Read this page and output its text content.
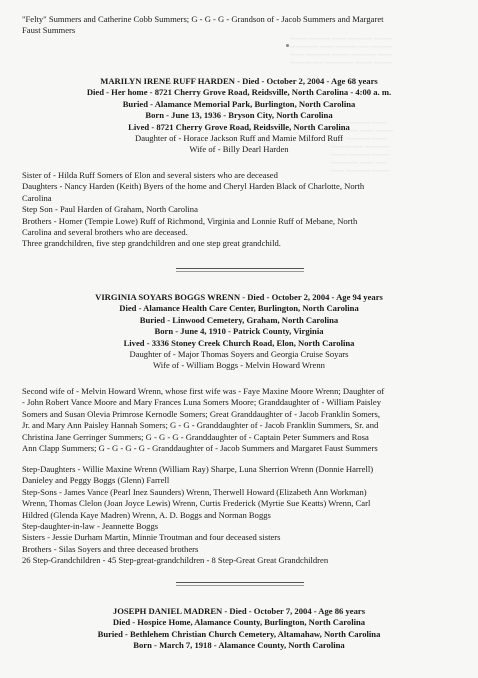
~~~~~ ~~~~~~ ~~~~ ~~~~~~~ ~~~~~
~~~~~~~~ ~~~~ ~~~~~~ ~~~ ~~~~~~
~~~~ ~~~~~~~ ~~~~~ ~~~~~~~ ~~~~
~~~~~~ ~~~ ~~~~~~~~ ~~~~~ ~~~~~
~~~~~ ~~~~~~ ~~~~
~~~~~~~~ ~~~~ ~~~~~
~~~~ ~~~~~~~ ~~~~
~~~~~~ ~~~ ~~~~~~~
~~~~~ ~~~~~~ ~~~~~
~~~~~~~~ ~~~~ ~~~
~~~~ ~~~~~~~ ~~~~~

"Felty" Summers and Catherine Cobb Summers; G - G - G - Grandson of - Jacob Summers and Margaret
Faust Summers

MARILYN IRENE RUFF HARDEN - Died - October 2, 2004 - Age 68 years
Died - Her home - 8721 Cherry Grove Road, Reidsville, North Carolina - 4:00 a. m.
Buried - Alamance Memorial Park, Burlington, North Carolina
Born - June 13, 1936 - Bryson City, North Carolina
Lived - 8721 Cherry Grove Road, Reidsville, North Carolina
Daughter of - Horace Jackson Ruff and Mamie Milford Ruff
Wife of - Billy Dearl Harden

Sister of - Hilda Ruff Somers of Elon and several sisters who are deceased
Daughters - Nancy Harden (Keith) Byers of the home and Cheryl Harden Black of Charlotte, North
Carolina
Step Son - Paul Harden of Graham, North Carolina
Brothers - Homer (Tempie Lowe) Ruff of Richmond, Virginia and Lonnie Ruff of Mebane, North
Carolina and several brothers who are deceased.
Three grandchildren, five step grandchildren and one step great grandchild.

VIRGINIA SOYARS BOGGS WRENN - Died - October 2, 2004 - Age 94 years
Died - Alamance Health Care Center, Burlington, North Carolina
Buried - Linwood Cemetery, Graham, North Carolina
Born - June 4, 1910 - Patrick County, Virginia
Lived - 3336 Stoney Creek Church Road, Elon, North Carolina
Daughter of - Major Thomas Soyers and Georgia Cruise Soyars
Wife of - William Boggs - Melvin Howard Wrenn

Second wife of - Melvin Howard Wrenn, whose first wife was - Faye Maxine Moore Wrenn; Daughter of
- John Robert Vance Moore and Mary Frances Luna Somers Moore; Granddaughter of - William Paisley
Somers and Susan Olevia Primrose Kernodle Somers; Great Granddaughter of - Jacob Franklin Somers,
Jr. and Mary Ann Paisley Hannah Somers; G - G - Granddaughter of - Jacob Franklin Summers, Sr. and
Christina Jane Gerringer Summers; G - G - G - Granddaughter of - Captain Peter Summers and Rosa
Ann Clapp Summers; G - G - G - G - Granddaughter of - Jacob Summers and Margaret Faust Summers

Step-Daughters - Willie Maxine Wrenn (William Ray) Sharpe, Luna Sherrion Wrenn (Donnie Harrell)
Danieley and Peggy Boggs (Glenn) Farrell
Step-Sons - James Vance (Pearl Inez Saunders) Wrenn, Therwell Howard (Elizabeth Ann Workman)
Wrenn, Thomas Clelon (Joan Joyce Lewis) Wrenn, Curtis Frederick (Myrtie Sue Keatts) Wrenn, Carl
Hildred (Glenda Kaye Madren) Wrenn, A. D. Boggs and Norman Boggs
Step-daughter-in-law - Jeannette Boggs
Sisters - Jessie Durham Martin, Minnie Troutman and four deceased sisters
Brothers - Silas Soyers and three deceased brothers
26 Step-Grandchildren - 45 Step-great-grandchildren - 8 Step-Great Great Grandchildren

JOSEPH DANIEL MADREN - Died - October 7, 2004 - Age 86 years
Died - Hospice Home, Alamance County, Burlington, North Carolina
Buried - Bethlehem Christian Church Cemetery, Altamahaw, North Carolina
Born - March 7, 1918 - Alamance County, North Carolina
